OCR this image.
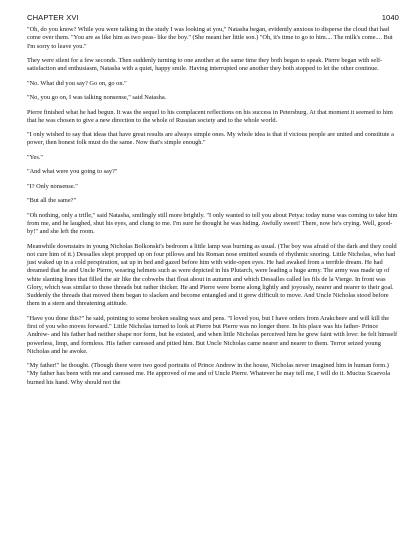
CHAPTER XVI	1040

"Oh, do you know? While you were talking in the study I was looking at you," Natasha began, evidently anxious to disperse the cloud that had come over them. "You are as like him as two peas- like the boy." (She meant her little son.) "Oh, it's time to go to him.... The milk's come.... But I'm sorry to leave you."

They were silent for a few seconds. Then suddenly turning to one another at the same time they both began to speak. Pierre began with self-satisfaction and enthusiasm, Natasha with a quiet, happy smile. Having interrupted one another they both stopped to let the other continue.

"No. What did you say? Go on, go on."

"No, you go on, I was talking nonsense," said Natasha.

Pierre finished what he had begun. It was the sequel to his complacent reflections on his success in Petersburg. At that moment it seemed to him that he was chosen to give a new direction to the whole of Russian society and to the whole world.

"I only wished to say that ideas that have great results are always simple ones. My whole idea is that if vicious people are united and constitute a power, then honest folk must do the same. Now that's simple enough."

"Yes."

"And what were you going to say?"

"I? Only nonsense."

"But all the same?"

"Oh nothing, only a trifle," said Natasha, smilingly still more brightly. "I only wanted to tell you about Petya: today nurse was coming to take him from me, and he laughed, shut his eyes, and clung to me. I'm sure he thought he was hiding. Awfully sweet! There, now he's crying. Well, good-by!" and she left the room.

Meanwhile downstairs in young Nicholas Bolkonski's bedroom a little lamp was burning as usual. (The boy was afraid of the dark and they could not cure him of it.) Dessalles slept propped up on four pillows and his Roman nose emitted sounds of rhythmic snoring. Little Nicholas, who had just waked up in a cold perspiration, sat up in bed and gazed before him with wide-open eyes. He had awaked from a terrible dream. He had dreamed that he and Uncle Pierre, wearing helmets such as were depicted in his Plutarch, were leading a huge army. The army was made up of white slanting lines that filled the air like the cobwebs that float about in autumn and which Dessalles called les fils de la Vierge. In front was Glory, which was similar to those threads but rather thicker. He and Pierre were borne along lightly and joyously, nearer and nearer to their goal. Suddenly the threads that moved them began to slacken and become entangled and it grew difficult to move. And Uncle Nicholas stood before them in a stern and threatening attitude.

"Have you done this?" he said, pointing to some broken sealing wax and pens. "I loved you, but I have orders from Arakcheev and will kill the first of you who moves forward." Little Nicholas turned to look at Pierre but Pierre was no longer there. In his place was his father- Prince Andrew- and his father had neither shape nor form, but he existed, and when little Nicholas perceived him he grew faint with love: he felt himself powerless, limp, and formless. His father caressed and pitied him. But Uncle Nicholas came nearer and nearer to them. Terror seized young Nicholas and he awoke.

"My father!" he thought. (Though there were two good portraits of Prince Andrew in the house, Nicholas never imagined him in human form.) "My father has been with me and caressed me. He approved of me and of Uncle Pierre. Whatever he may tell me, I will do it. Mucius Scaevola burned his hand. Why should not the
